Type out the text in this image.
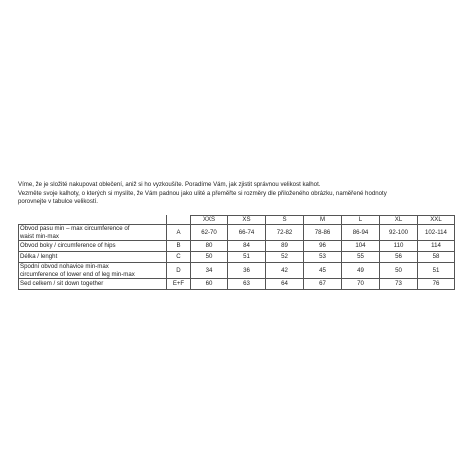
Víme, že je složité nakupovat oblečení, aniž si ho vyzkoušíte. Poradíme Vám, jak zjistit správnou velikost kalhot.

Vezměte svoje kalhoty, o kterých si myslíte, že Vám padnou jako ulité a přeměřte si rozměry dle přiloženého obrázku, naměřené hodnoty

porovnejte v tabulce velikostí.

		XXS	XS	S	M	L	XL	XXL

Obvod pasu min – max circumference of
waist min-max	A	62-70	66-74	72-82	78-86	86-94	92-100	102-114

Obvod boky / circumference of hips	B	80	84	89	96	104	110	114

Délka / lenght	C	50	51	52	53	55	56	58

Spodní obvod nohavice min-max
circumference of lower end of leg min-max	D	34	36	42	45	49	50	51

Sed celkem / sit down together	E+F	60	63	64	67	70	73	76
